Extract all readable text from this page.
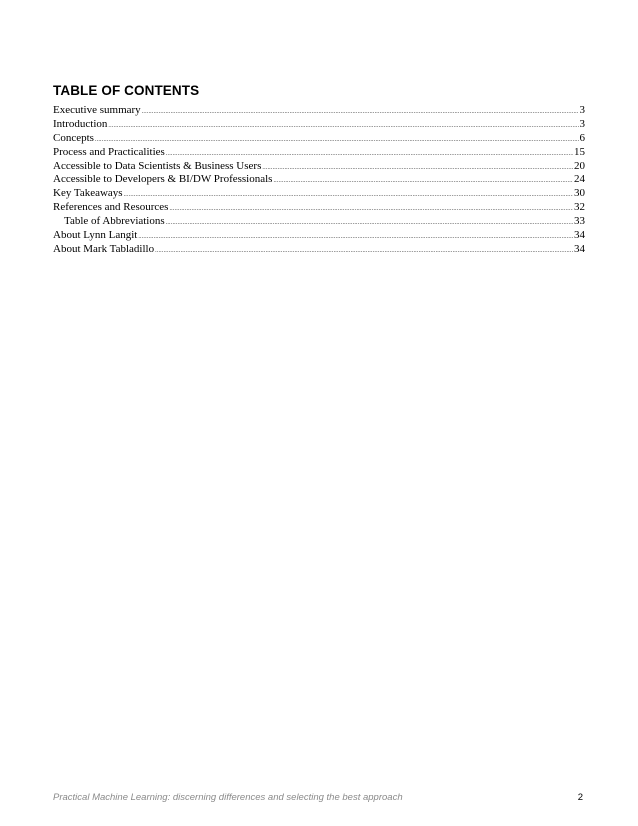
TABLE OF CONTENTS
Executive summary .....	3
Introduction .....	3
Concepts .....	6
Process and Practicalities .....	15
Accessible to Data Scientists & Business Users .....	20
Accessible to Developers & BI/DW Professionals .....	24
Key Takeaways .....	30
References and Resources .....	32
Table of Abbreviations .....	33
About Lynn Langit .....	34
About Mark Tabladillo .....	34
Practical Machine Learning: discerning differences and selecting the best approach	2
